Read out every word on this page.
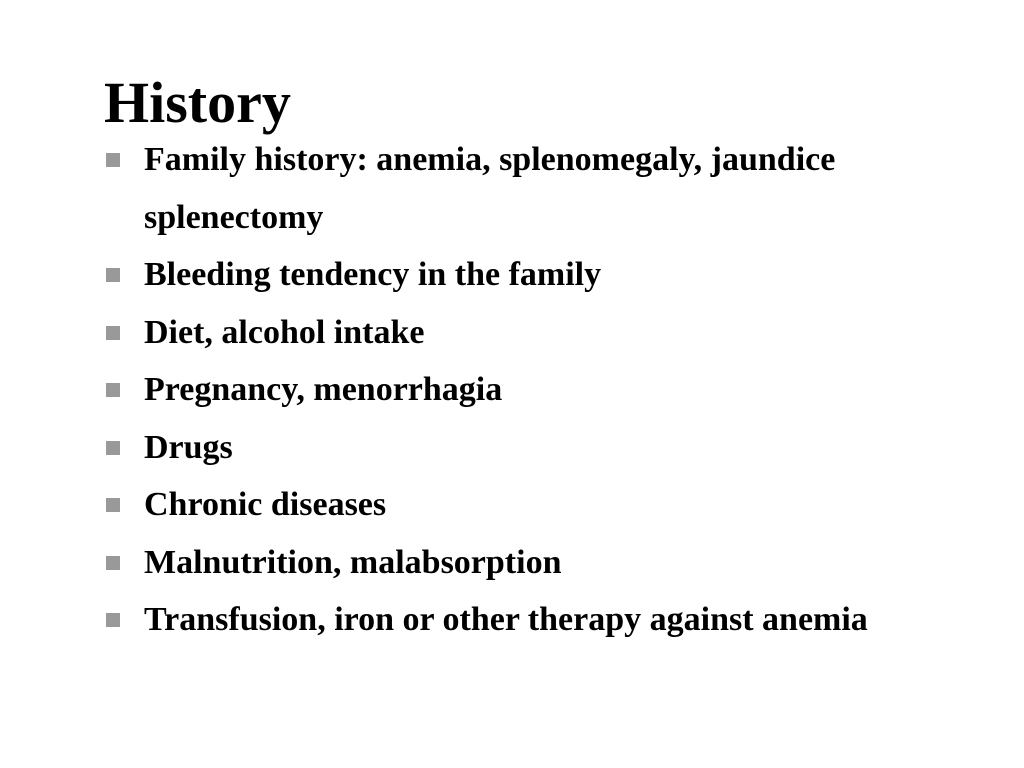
History
Family history: anemia, splenomegaly, jaundice splenectomy
Bleeding tendency in the family
Diet, alcohol intake
Pregnancy, menorrhagia
Drugs
Chronic diseases
Malnutrition, malabsorption
Transfusion, iron or other therapy against anemia
